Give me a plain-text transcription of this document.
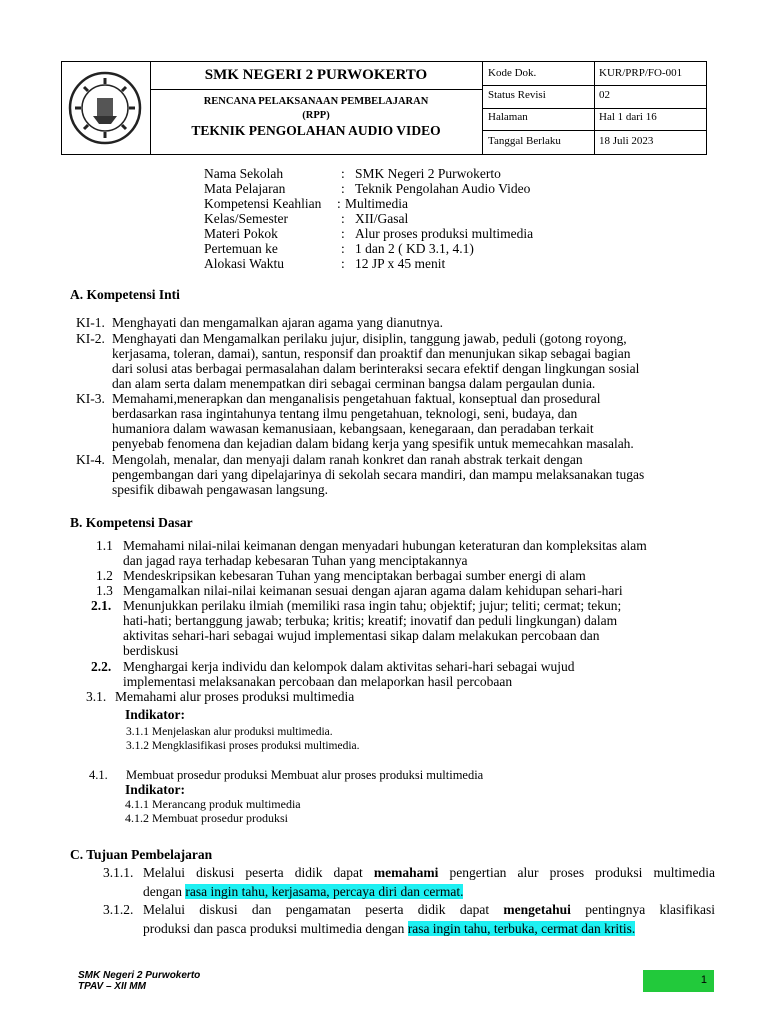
SMK NEGERI 2 PURWOKERTO
RENCANA PELAKSANAAN PEMBELAJARAN
(RPP)
TEKNIK PENGOLAHAN AUDIO VIDEO
Kode Dok.	KUR/PRP/FO-001
Status Revisi	02
Halaman	Hal 1 dari 16
Tanggal Berlaku	18 Juli 2023
Nama Sekolah	: SMK Negeri 2 Purwokerto
Mata Pelajaran	: Teknik Pengolahan Audio Video
Kompetensi Keahlian : Multimedia
Kelas/Semester	: XII/Gasal
Materi Pokok	: Alur proses produksi multimedia
Pertemuan ke	: 1 dan 2 ( KD 3.1, 4.1)
Alokasi Waktu	: 12 JP x 45 menit
A. Kompetensi Inti
KI-1. Menghayati dan mengamalkan ajaran agama yang dianutnya.
KI-2. Menghayati dan Mengamalkan perilaku jujur, disiplin, tanggung jawab, peduli (gotong royong,
kerjasama, toleran, damai), santun, responsif dan proaktif dan menunjukan sikap sebagai bagian
dari solusi atas berbagai permasalahan dalam berinteraksi secara efektif dengan lingkungan sosial
dan alam serta dalam menempatkan diri sebagai cerminan bangsa dalam pergaulan dunia.
KI-3. Memahami,menerapkan dan menganalisis pengetahuan faktual, konseptual dan prosedural
berdasarkan rasa ingintahunya tentang ilmu pengetahuan, teknologi, seni, budaya, dan
humaniora dalam wawasan kemanusiaan, kebangsaan, kenegaraan, dan peradaban terkait
penyebab fenomena dan kejadian dalam bidang kerja yang spesifik untuk memecahkan masalah.
KI-4. Mengolah, menalar, dan menyaji dalam ranah konkret dan ranah abstrak terkait dengan
pengembangan dari yang dipelajarinya di sekolah secara mandiri, dan mampu melaksanakan tugas
spesifik dibawah pengawasan langsung.
B. Kompetensi Dasar
1.1 Memahami nilai-nilai keimanan dengan menyadari hubungan keteraturan dan kompleksitas alam
dan jagad raya terhadap kebesaran Tuhan yang menciptakannya
1.2 Mendeskripsikan kebesaran Tuhan yang menciptakan berbagai sumber energi di alam
1.3 Mengamalkan nilai-nilai keimanan sesuai dengan ajaran agama dalam kehidupan sehari-hari
2.1. Menunjukkan perilaku ilmiah (memiliki rasa ingin tahu; objektif; jujur; teliti; cermat; tekun;
hati-hati; bertanggung jawab; terbuka; kritis; kreatif; inovatif dan peduli lingkungan) dalam
aktivitas sehari-hari sebagai wujud implementasi sikap dalam melakukan percobaan dan
berdiskusi
2.2. Menghargai kerja individu dan kelompok dalam aktivitas sehari-hari sebagai wujud
implementasi melaksanakan percobaan dan melaporkan hasil percobaan
3.1. Memahami alur proses produksi multimedia
Indikator:
3.1.1 Menjelaskan alur produksi multimedia.
3.1.2 Mengklasifikasi proses produksi multimedia.
4.1. Membuat prosedur produksi Membuat alur proses produksi multimedia
Indikator:
4.1.1 Merancang produk multimedia
4.1.2 Membuat prosedur produksi
C. Tujuan Pembelajaran
3.1.1. Melalui diskusi peserta didik dapat memahami pengertian alur proses produksi multimedia
dengan rasa ingin tahu, kerjasama, percaya diri dan cermat.
3.1.2. Melalui diskusi dan pengamatan peserta didik dapat mengetahui pentingnya klasifikasi
produksi dan pasca produksi multimedia dengan rasa ingin tahu, terbuka, cermat dan kritis.
SMK Negeri 2 Purwokerto
TPAV – XII MM
1
